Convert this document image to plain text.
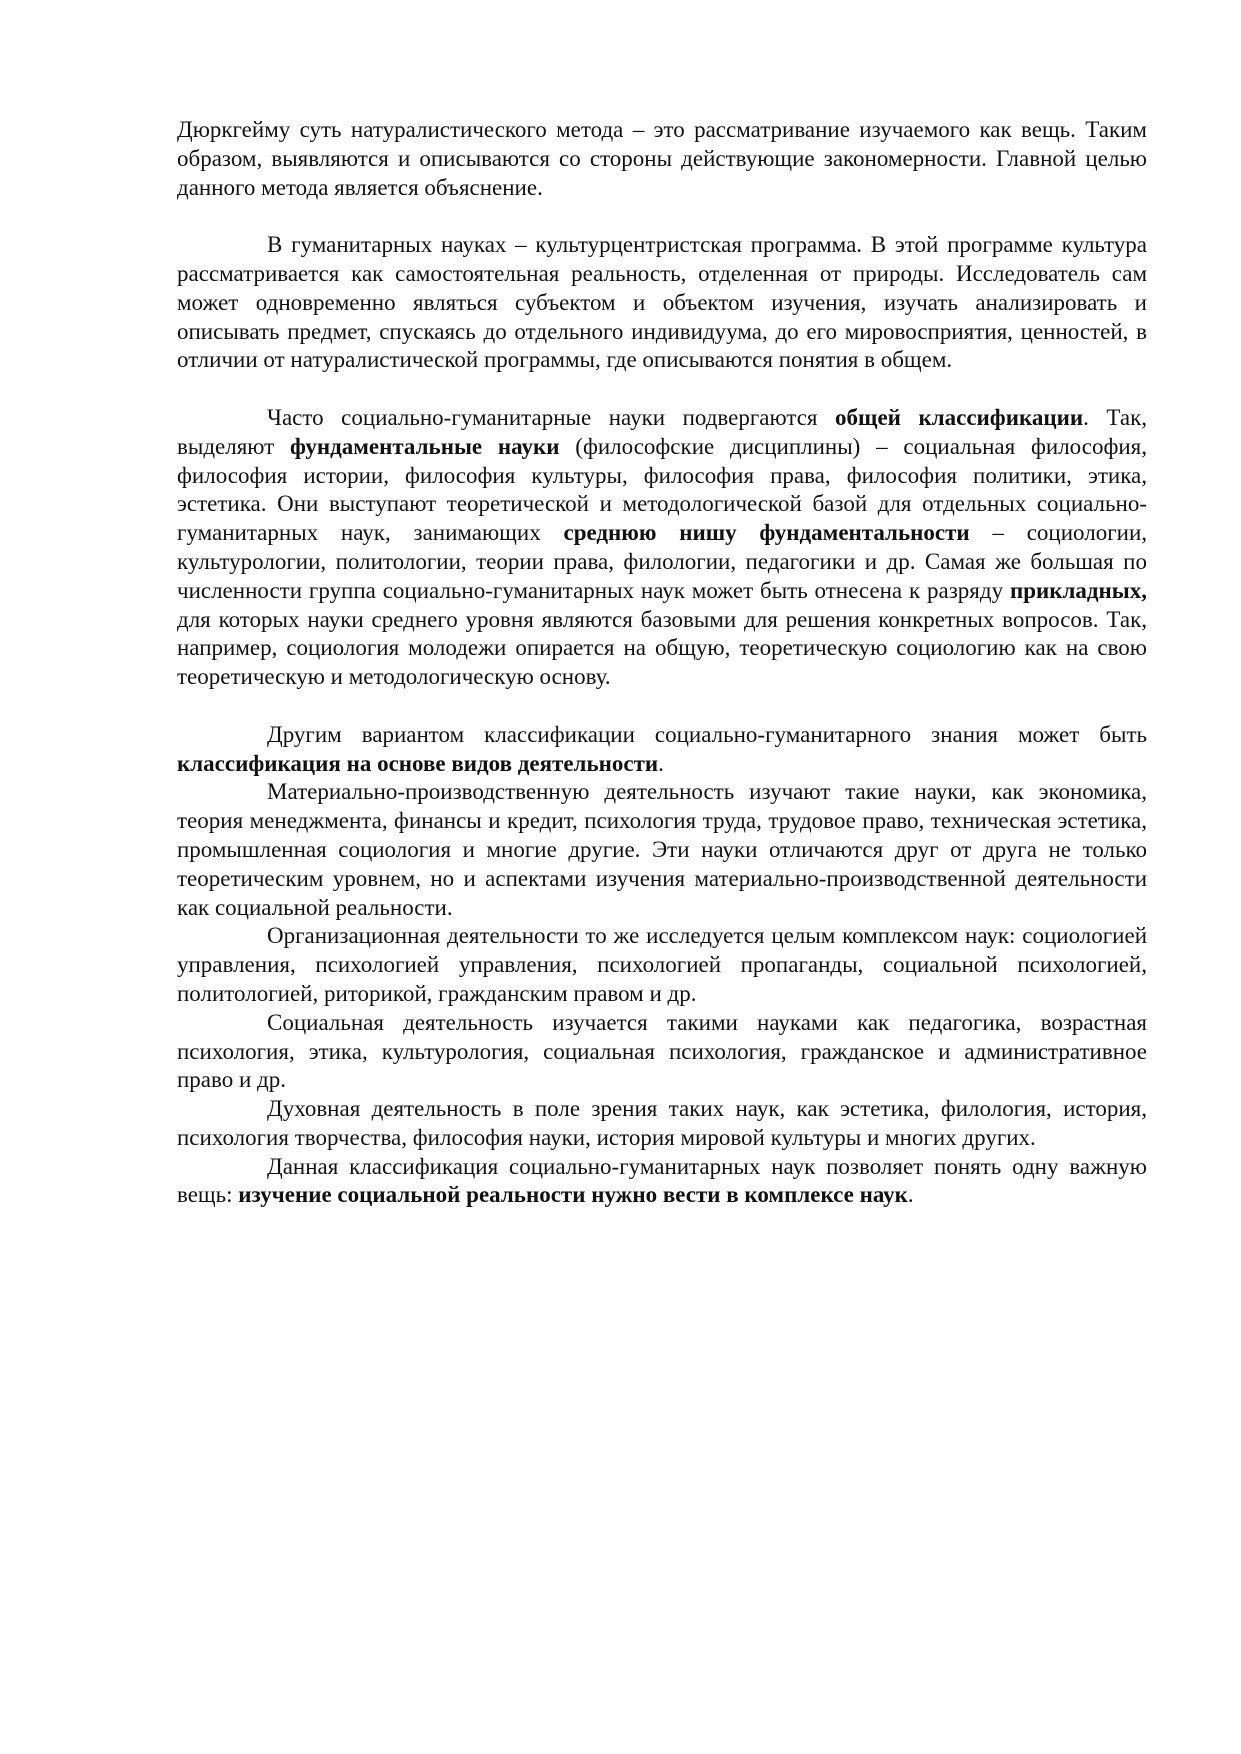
Дюркгейму суть натуралистического метода – это рассматривание изучаемого как вещь. Таким образом, выявляются и описываются со стороны действующие закономерности. Главной целью данного метода является объяснение.

В гуманитарных науках – культурцентристская программа. В этой программе культура рассматривается как самостоятельная реальность, отделенная от природы. Исследователь сам может одновременно являться субъектом и объектом изучения, изучать анализировать и описывать предмет, спускаясь до отдельного индивидуума, до его мировосприятия, ценностей, в отличии от натуралистической программы, где описываются понятия в общем.

Часто социально-гуманитарные науки подвергаются общей классификации. Так, выделяют фундаментальные науки (философские дисциплины) – социальная философия, философия истории, философия культуры, философия права, философия политики, этика, эстетика. Они выступают теоретической и методологической базой для отдельных социально-гуманитарных наук, занимающих среднюю нишу фундаментальности – социологии, культурологии, политологии, теории права, филологии, педагогики и др. Самая же большая по численности группа социально-гуманитарных наук может быть отнесена к разряду прикладных, для которых науки среднего уровня являются базовыми для решения конкретных вопросов. Так, например, социология молодежи опирается на общую, теоретическую социологию как на свою теоретическую и методологическую основу.

Другим вариантом классификации социально-гуманитарного знания может быть классификация на основе видов деятельности.

Материально-производственную деятельность изучают такие науки, как экономика, теория менеджмента, финансы и кредит, психология труда, трудовое право, техническая эстетика, промышленная социология и многие другие. Эти науки отличаются друг от друга не только теоретическим уровнем, но и аспектами изучения материально-производственной деятельности как социальной реальности.

Организационная деятельности то же исследуется целым комплексом наук: социологией управления, психологией управления, психологией пропаганды, социальной психологией, политологией, риторикой, гражданским правом и др.

Социальная деятельность изучается такими науками как педагогика, возрастная психология, этика, культурология, социальная психология, гражданское и административное право и др.

Духовная деятельность в поле зрения таких наук, как эстетика, филология, история, психология творчества, философия науки, история мировой культуры и многих других.

Данная классификация социально-гуманитарных наук позволяет понять одну важную вещь: изучение социальной реальности нужно вести в комплексе наук.
